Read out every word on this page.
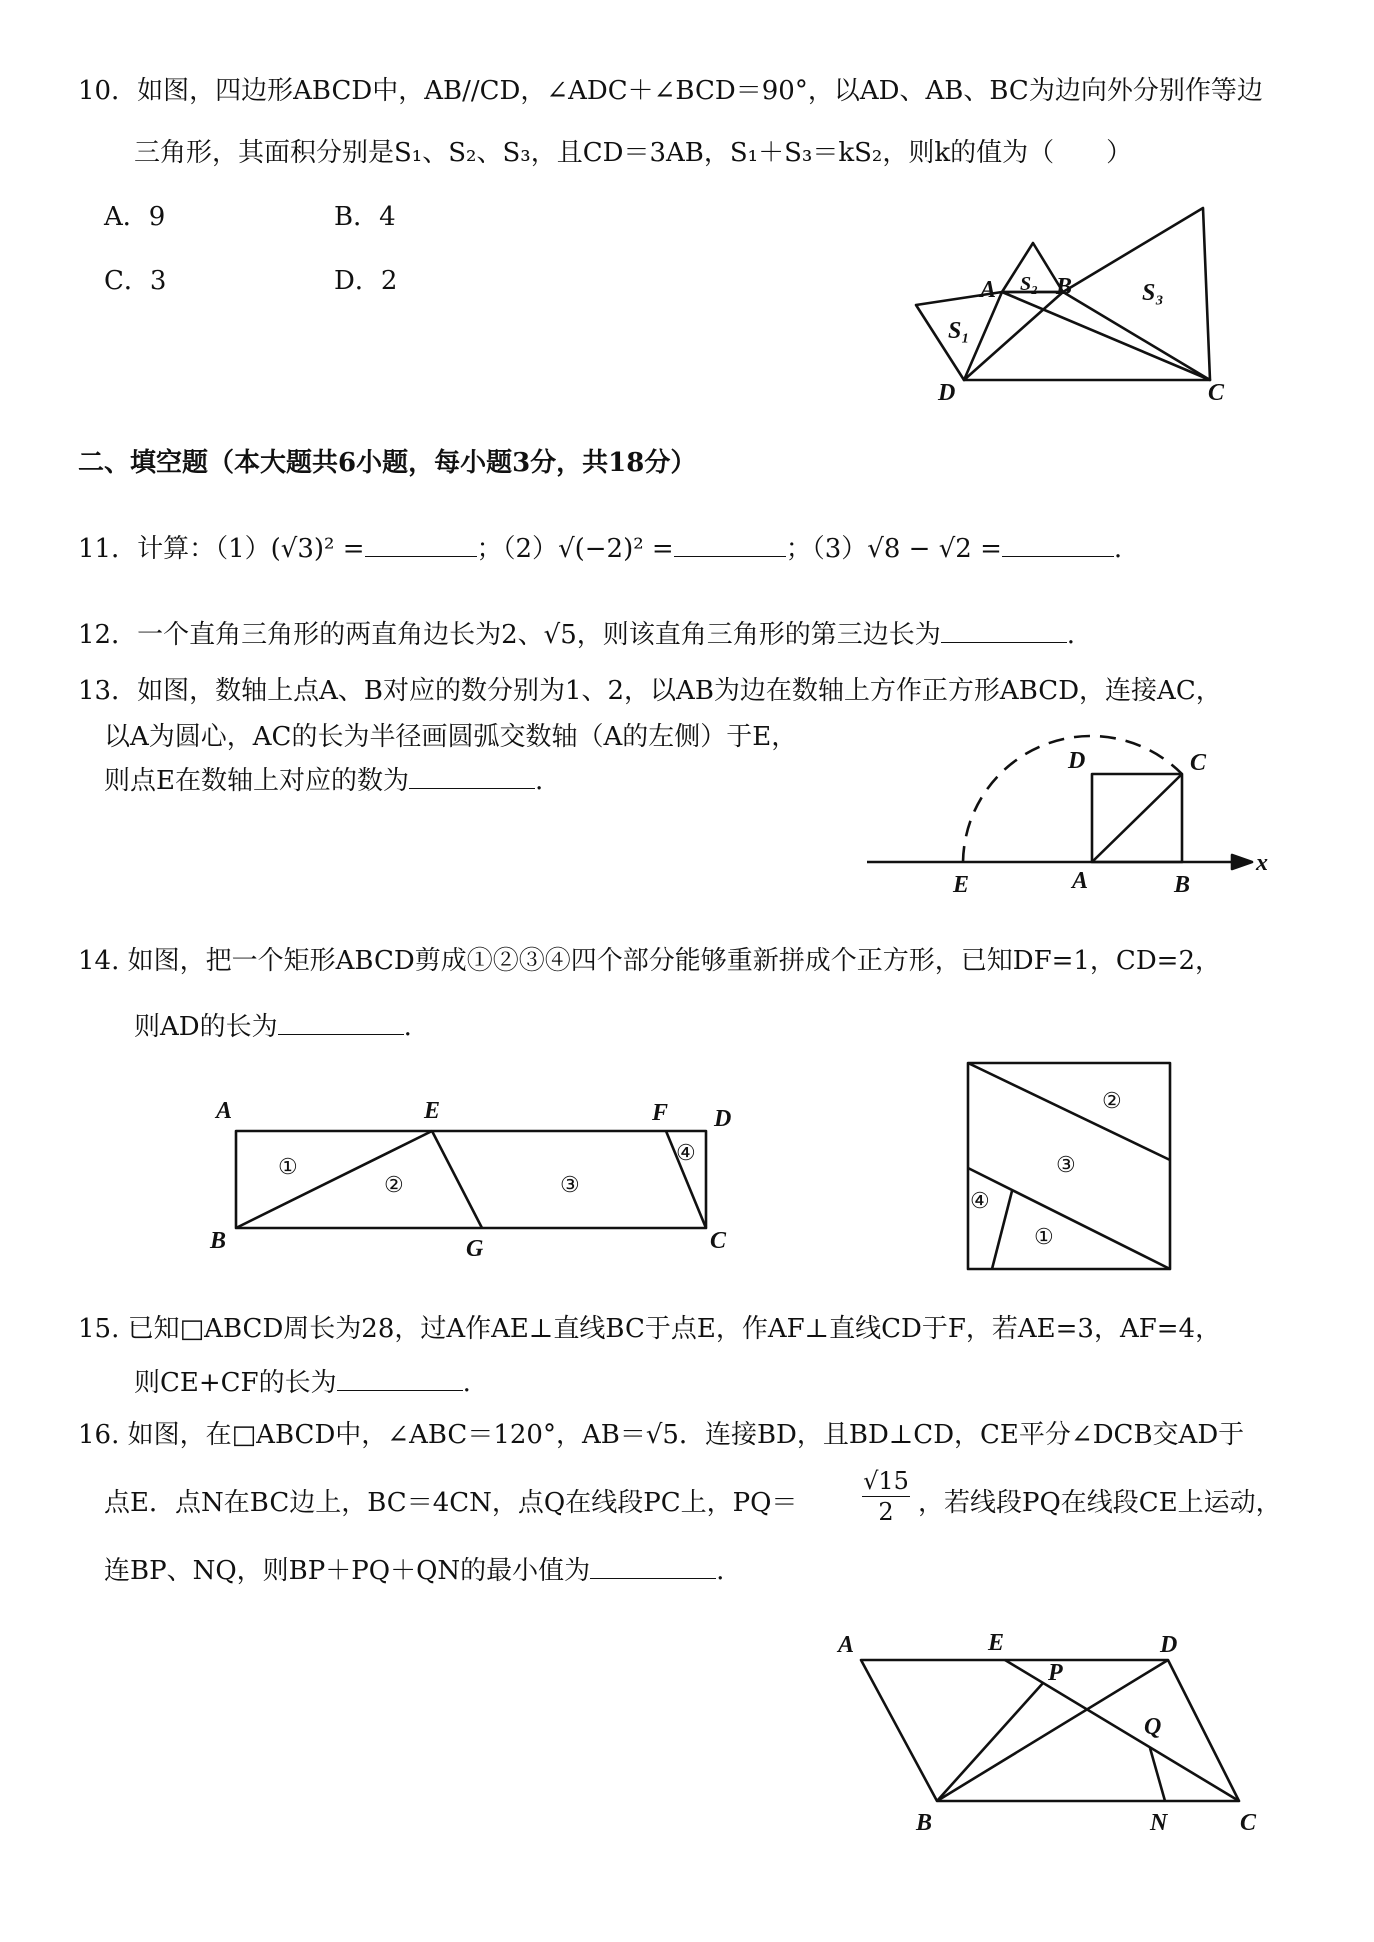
10．如图，四边形ABCD中，AB//CD，∠ADC＋∠BCD＝90°，以AD、AB、BC为边向外分别作等边
三角形，其面积分别是S₁、S₂、S₃，且CD＝3AB，S₁＋S₃＝kS₂，则k的值为（　　）
A．9	B．4
C．3	D．2
二、填空题（本大题共6小题，每小题3分，共18分）
11．计算：（1）(√3)² =	；（2）√(−2)² =	；（3）√8 − √2 =	.
12．一个直角三角形的两直角边长为2、√5，则该直角三角形的第三边长为	.
13．如图，数轴上点A、B对应的数分别为1、2，以AB为边在数轴上方作正方形ABCD，连接AC，
以A为圆心，AC的长为半径画圆弧交数轴（A的左侧）于E，
则点E在数轴上对应的数为	.
14. 如图，把一个矩形ABCD剪成①②③④四个部分能够重新拼成个正方形，已知DF=1，CD=2，
则AD的长为	.
15. 已知□ABCD周长为28，过A作AE⊥直线BC于点E，作AF⊥直线CD于F，若AE=3，AF=4，
则CE+CF的长为	.
16. 如图，在□ABCD中，∠ABC＝120°，AB＝√5．连接BD，且BD⊥CD，CE平分∠DCB交AD于
点E．点N在BC边上，BC＝4CN，点Q在线段PC上，PQ＝
√15
2 ，若线段PQ在线段CE上运动，
连BP、NQ，则BP＋PQ＋QN的最小值为	.
A B
C
D
S₁
S₂	S₃
E	A	B
C
D
x
A
B	C
D
E	F
G
①
②	③
④
②
③
④
①
A	D
E
P
Q
B	N	C
